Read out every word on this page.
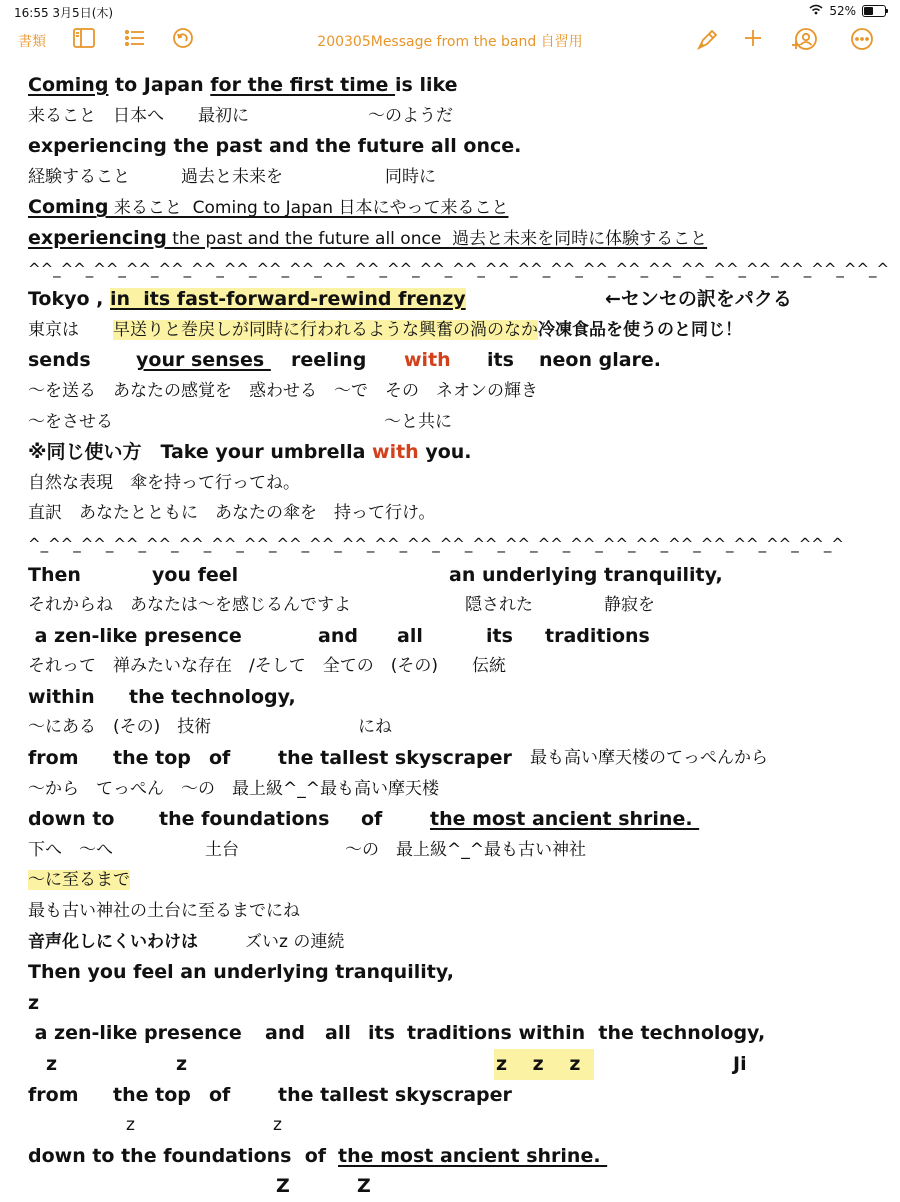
16:55 3月5日(木)	52%
書類	200305Message from the band 自習用
Coming to Japan for the first time is like
来ること　日本へ　　最初に　　　　　　　〜のようだ
experiencing the past and the future all once.
経験すること　　　過去と未来を　　　　　　同時に
Coming 来ること  Coming to Japan 日本にやって来ること
experiencing the past and the future all once  過去と未来を同時に体験すること
^^_^^_^^_^^_^^_^^_^^_^^_^^_^^_^^_^^_^^_^^_^^_^^_^^_^^_^^_^^_^^_^^_^^_^^_^^_^^_^
Tokyo , in  its fast-forward-rewind frenzy	←センセの訳をパクる
東京は　　早送りと巻戻しが同時に行われるような興奮の渦のなか冷凍食品を使うのと同じ！
sends your senses reeling with its neon glare.
〜を送る　あなたの感覚を　惑わせる　〜で　その　ネオンの輝き
〜をさせる	〜と共に
※同じ使い方　Take your umbrella with you.
自然な表現　傘を持って行ってね。
直訳　あなたとともに　あなたの傘を　持って行け。
^_^^_^^_^^_^^_^^_^^_^^_^^_^^_^^_^^_^^_^^_^^_^^_^^_^^_^^_^^_^^_^^_^^_^^_^^_^
Then	you feel	an underlying tranquility,
それからね　あなたは〜を感じるんですよ	隠された	静寂を
a zen-like presence	and all	its traditions
それって　禅みたいな存在　/そして　全ての　(その)　　伝統
within the technology,
〜にある　(その)　技術	にね
from the top of	the tallest skyscraper 最も高い摩天楼のてっぺんから
〜から　てっぺん　〜の　最上級^_^最も高い摩天楼
down to the foundations of	the most ancient shrine.
下へ　〜へ	土台	〜の　最上級^_^最も古い神社
〜に至るまで
最も古い神社の土台に至るまでにね
音声化しにくいわけは	ズいz の連続
Then you feel an underlying tranquility,
z
a zen-like presence and all its traditions within  the technology,
z	z	z　 z　 z	Ji
from the top of	the tallest skyscraper
z	z
down to the foundations  of the most ancient shrine.
Z	Z
